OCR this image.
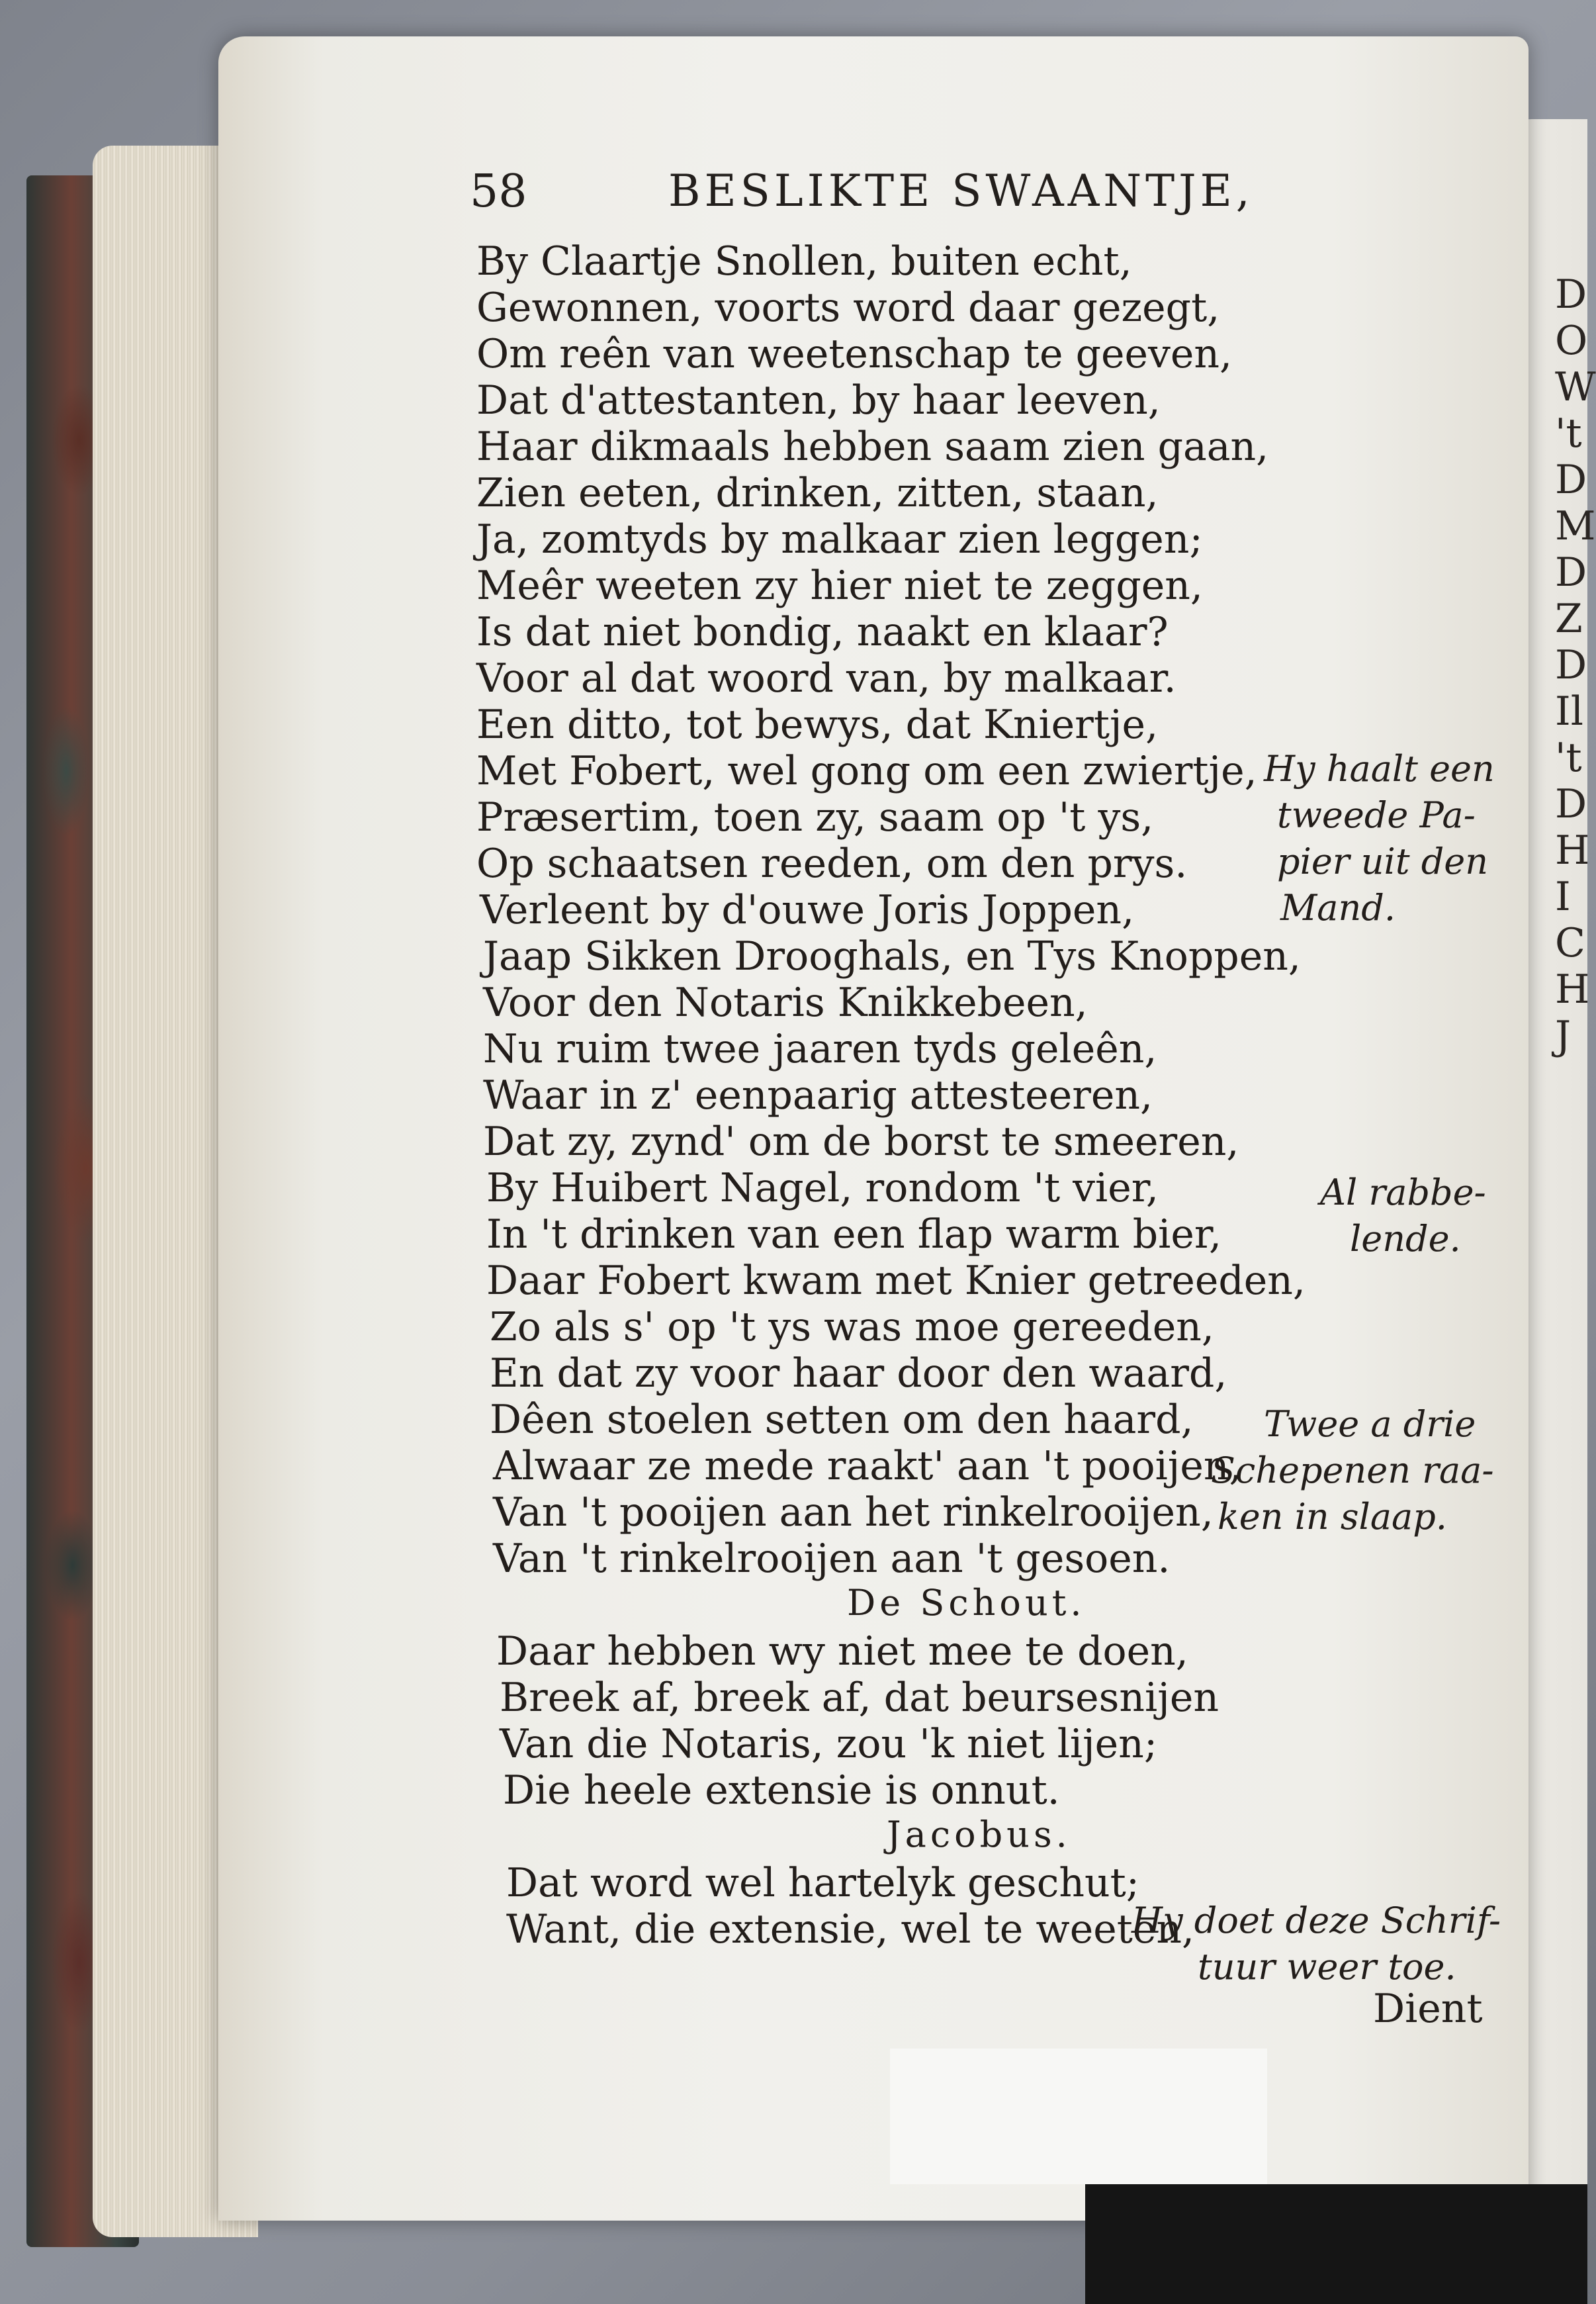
D
O
W
't
D
M
D
Z
D
Il
't
D
H
I
C
H
J
58	BESLIKTE SWAANTJE,
By Claartje Snollen, buiten echt,
Gewonnen, voorts word daar gezegt,
Om reên van weetenschap te geeven,
Dat d'attestanten, by haar leeven,
Haar dikmaals hebben saam zien gaan,
Zien eeten, drinken, zitten, staan,
Ja, zomtyds by malkaar zien leggen;
Meêr weeten zy hier niet te zeggen,
Is dat niet bondig, naakt en klaar?
Voor al dat woord van, by malkaar.
Een ditto, tot bewys, dat Kniertje,
Met Fobert, wel gong om een zwiertje,
Præsertim, toen zy, saam op 't ys,
Op schaatsen reeden, om den prys.
Verleent by d'ouwe Joris Joppen,
Jaap Sikken Drooghals, en Tys Knoppen,
Voor den Notaris Knikkebeen,
Nu ruim twee jaaren tyds geleên,
Waar in z' eenpaarig attesteeren,
Dat zy, zynd' om de borst te smeeren,
By Huibert Nagel, rondom 't vier,
In 't drinken van een flap warm bier,
Daar Fobert kwam met Knier getreeden,
Zo als s' op 't ys was moe gereeden,
En dat zy voor haar door den waard,
Dêen stoelen setten om den haard,
Alwaar ze mede raakt' aan 't pooijen,
Van 't pooijen aan het rinkelrooijen,
Van 't rinkelrooijen aan 't gesoen.
De Schout.
Daar hebben wy niet mee te doen,
Breek af, breek af, dat beursesnijen
Van die Notaris, zou 'k niet lijen;
Die heele extensie is onnut.
Jacobus.
Dat word wel hartelyk geschut;
Want, die extensie, wel te weeten,
Hy haalt een
tweede Pa-
pier uit den
Mand.
Al rabbe-
lende.
Twee a drie
Schepenen raa-
ken in slaap.
Hy doet deze Schrif-
tuur weer toe.
Dient
